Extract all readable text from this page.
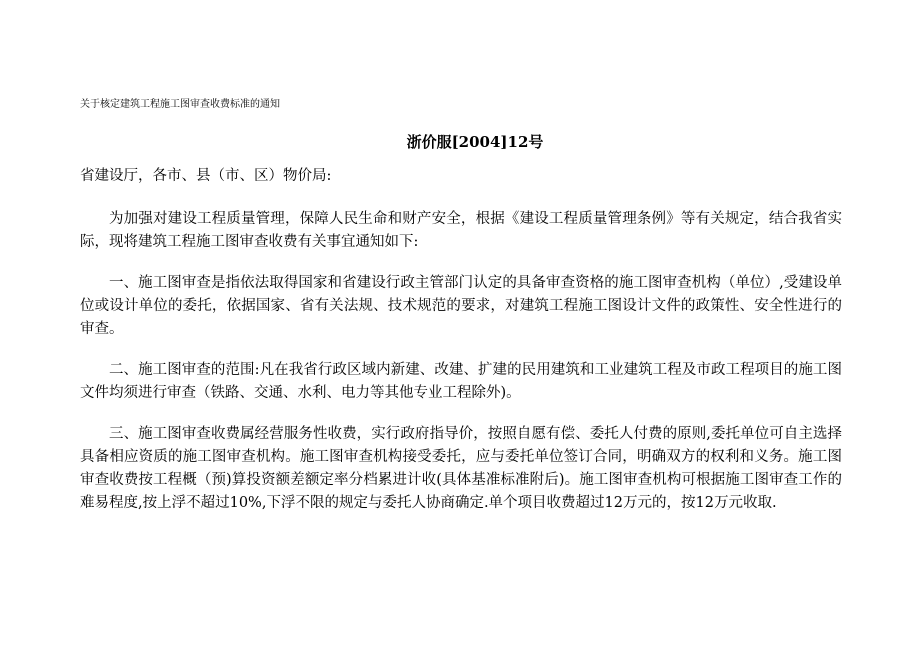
关于核定建筑工程施工图审查收费标准的通知
浙价服[2004]12号

省建设厅，各市、县（市、区）物价局:

为加强对建设工程质量管理，保障人民生命和财产安全，根据《建设工程质量管理条例》等有关规定，结合我省实际，现将建筑工程施工图审查收费有关事宜通知如下:

一、施工图审查是指依法取得国家和省建设行政主管部门认定的具备审查资格的施工图审查机构（单位）,受建设单位或设计单位的委托，依据国家、省有关法规、技术规范的要求，对建筑工程施工图设计文件的政策性、安全性进行的审查。

二、施工图审查的范围:凡在我省行政区域内新建、改建、扩建的民用建筑和工业建筑工程及市政工程项目的施工图文件均须进行审查（铁路、交通、水利、电力等其他专业工程除外)。

三、施工图审查收费属经营服务性收费，实行政府指导价，按照自愿有偿、委托人付费的原则,委托单位可自主选择具备相应资质的施工图审查机构。施工图审查机构接受委托，应与委托单位签订合同，明确双方的权利和义务。施工图审查收费按工程概（预)算投资额差额定率分档累进计收(具体基准标准附后)。施工图审查机构可根据施工图审查工作的难易程度,按上浮不超过10%,下浮不限的规定与委托人协商确定.单个项目收费超过12万元的，按12万元收取.
